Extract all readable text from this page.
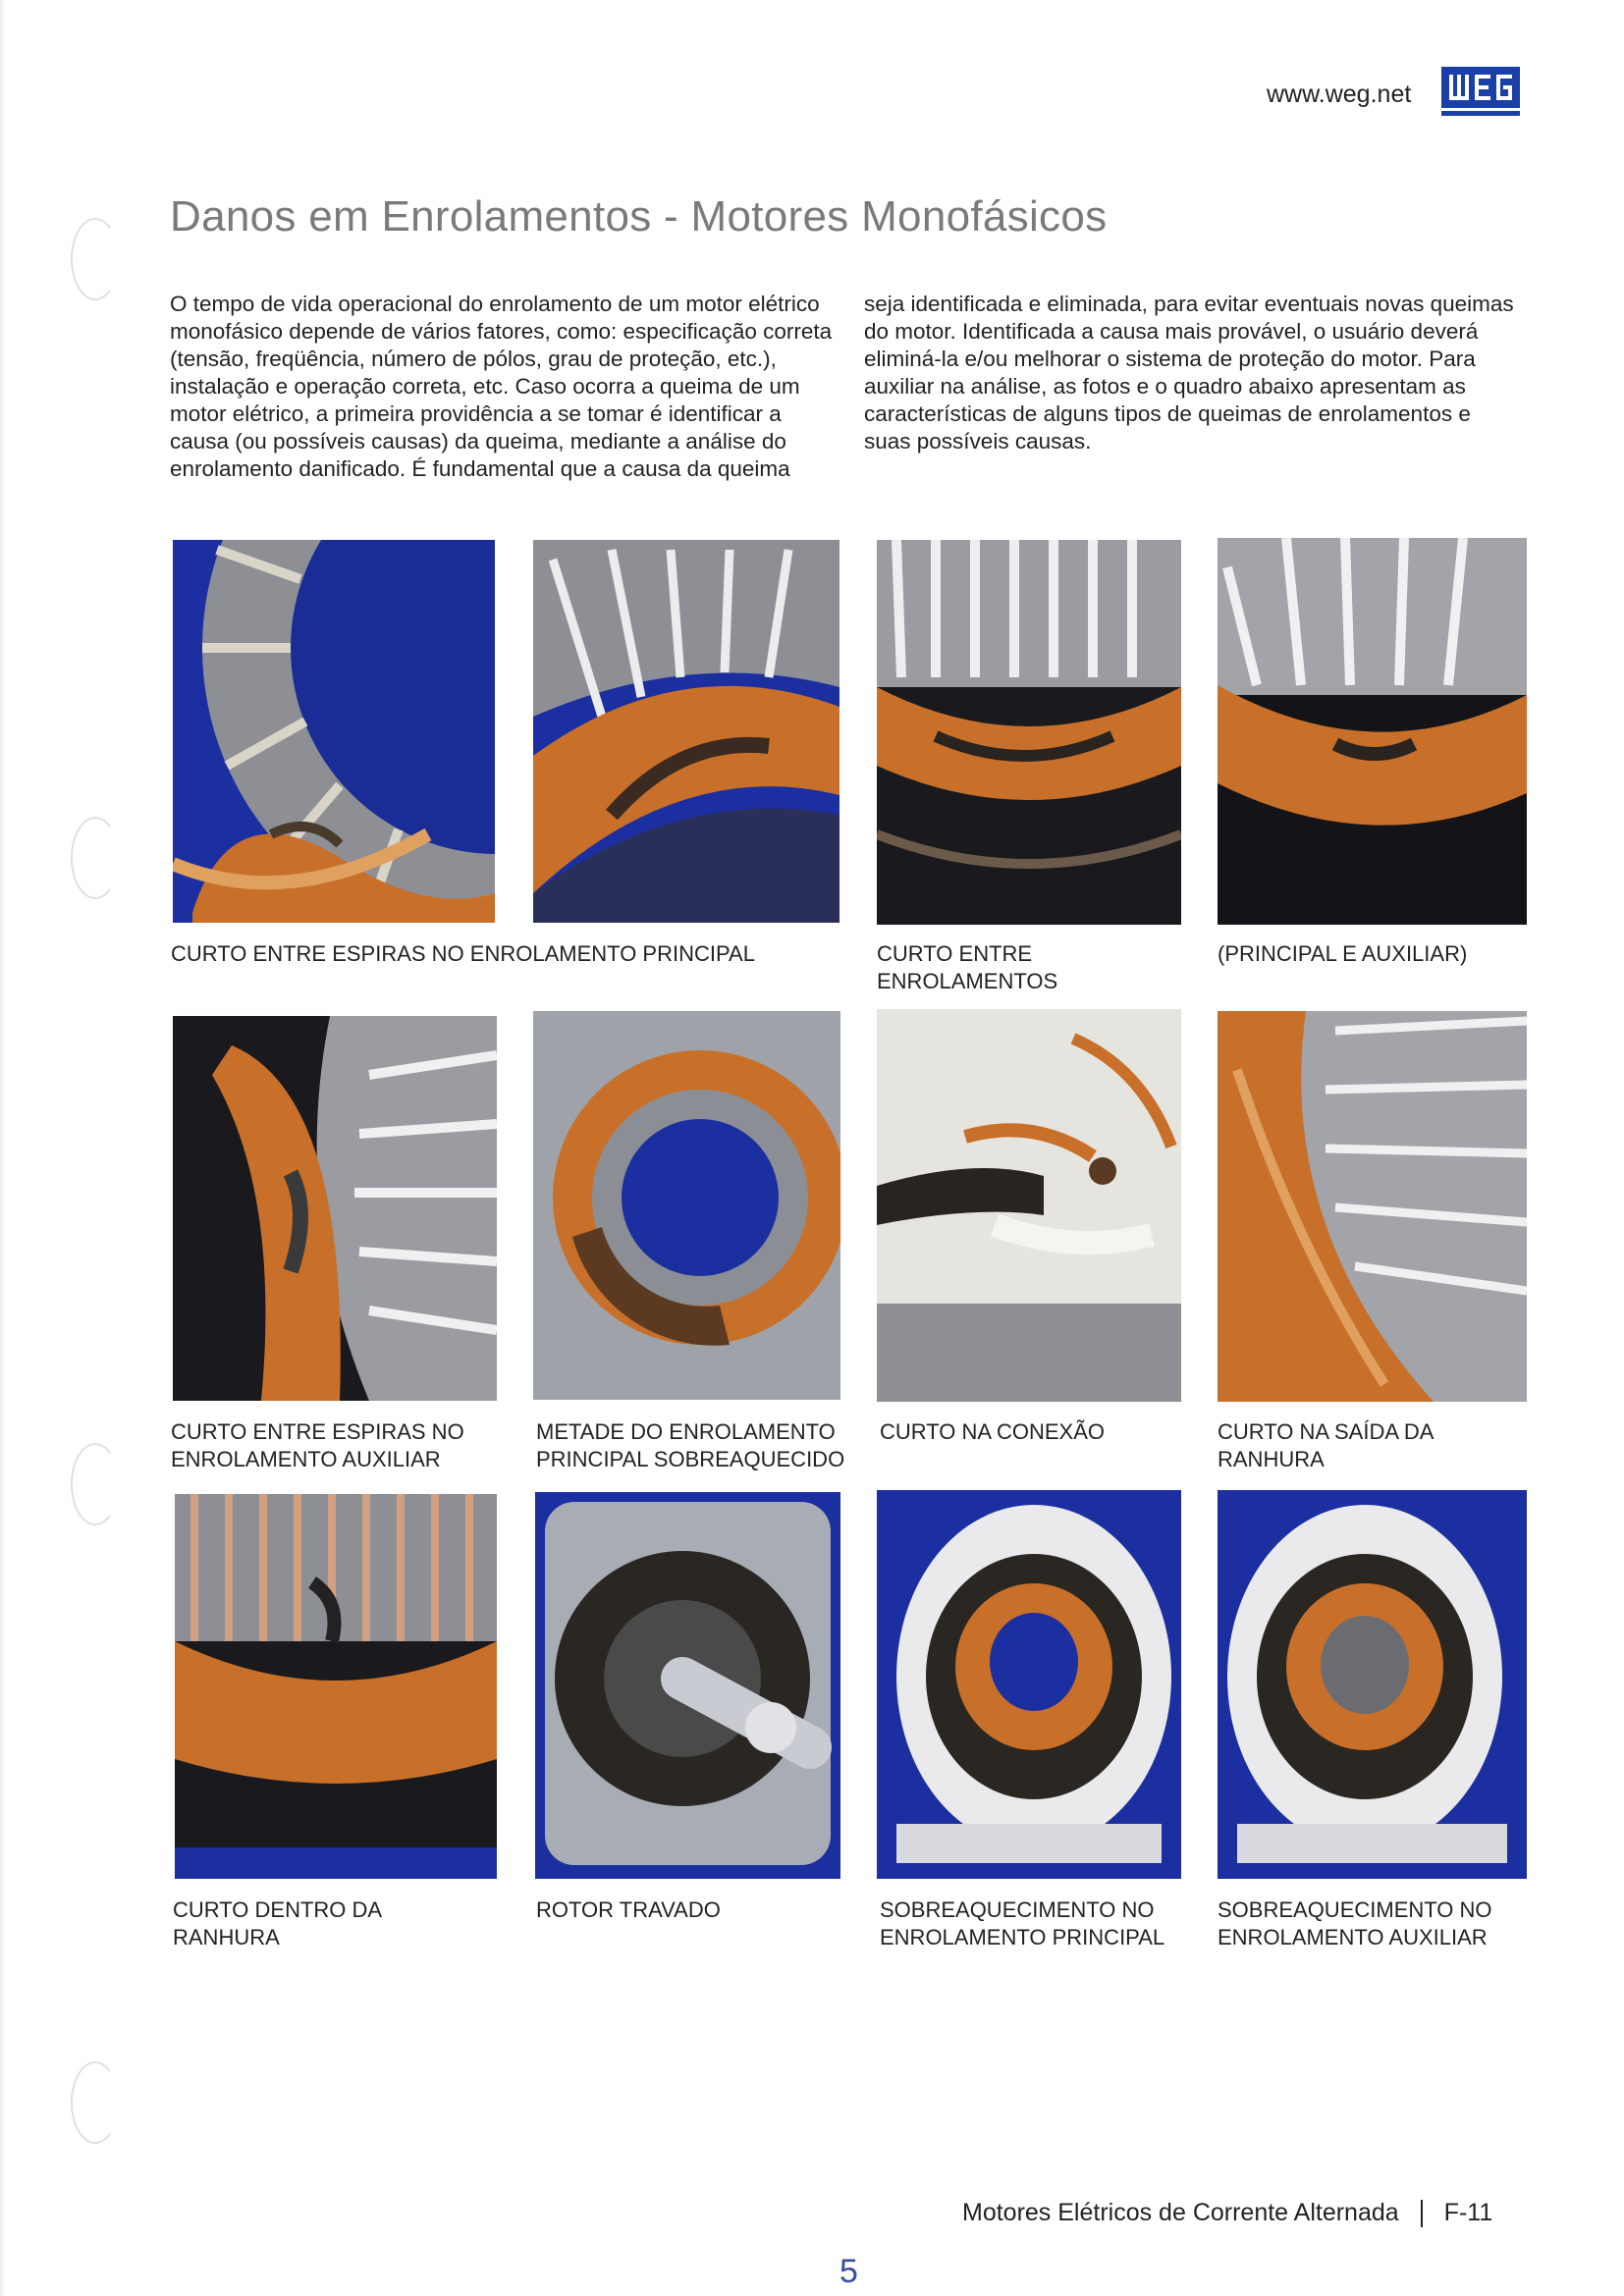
www.weg.net
Danos em Enrolamentos - Motores Monofásicos
O tempo de vida operacional do enrolamento de um motor elétrico monofásico depende de vários fatores, como: especificação correta (tensão, freqüência, número de pólos, grau de proteção, etc.), instalação e operação correta, etc. Caso ocorra a queima de um motor elétrico, a primeira providência a se tomar é identificar a causa (ou possíveis causas) da queima, mediante a análise do enrolamento danificado. É fundamental que a causa da queima
seja identificada e eliminada, para evitar eventuais novas queimas do motor. Identificada a causa mais provável, o usuário deverá eliminá-la e/ou melhorar o sistema de proteção do motor. Para auxiliar na análise, as fotos e o quadro abaixo apresentam as características de alguns tipos de queimas de enrolamentos e suas possíveis causas.
CURTO ENTRE ESPIRAS NO ENROLAMENTO PRINCIPAL	CURTO ENTRE ENROLAMENTOS
(PRINCIPAL E AUXILIAR)
CURTO ENTRE ESPIRAS NO ENROLAMENTO AUXILIAR
METADE DO ENROLAMENTO PRINCIPAL SOBREAQUECIDO
CURTO NA CONEXÃO	CURTO NA SAÍDA DA RANHURA
CURTO DENTRO DA RANHURA
ROTOR TRAVADO	SOBREAQUECIMENTO NO ENROLAMENTO PRINCIPAL
SOBREAQUECIMENTO NO ENROLAMENTO AUXILIAR
Motores Elétricos de Corrente Alternada F-11
5
